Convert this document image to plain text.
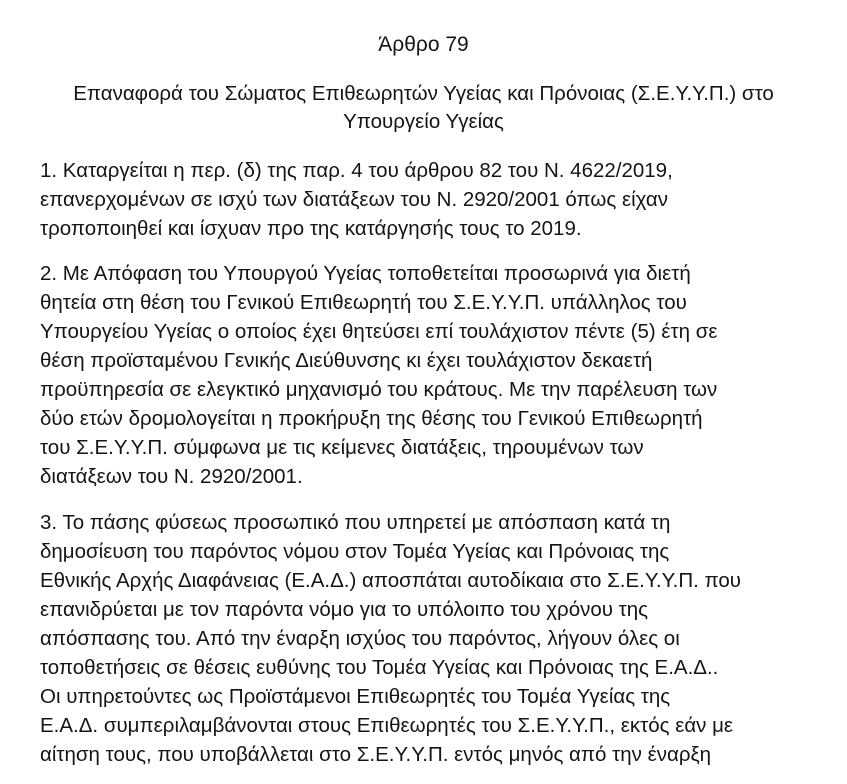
Άρθρο 79
Επαναφορά του Σώματος Επιθεωρητών Υγείας και Πρόνοιας (Σ.Ε.Υ.Υ.Π.) στο
Υπουργείο Υγείας

1. Καταργείται η περ. (δ) της παρ. 4 του άρθρου 82 του Ν. 4622/2019,
επανερχομένων σε ισχύ των διατάξεων του Ν. 2920/2001 όπως είχαν
τροποποιηθεί και ίσχυαν προ της κατάργησής τους το 2019.

2. Με Απόφαση του Υπουργού Υγείας τοποθετείται προσωρινά για διετή
θητεία στη θέση του Γενικού Επιθεωρητή του Σ.Ε.Υ.Υ.Π. υπάλληλος του
Υπουργείου Υγείας ο οποίος έχει θητεύσει επί τουλάχιστον πέντε (5) έτη σε
θέση προϊσταμένου Γενικής Διεύθυνσης κι έχει τουλάχιστον δεκαετή
προϋπηρεσία σε ελεγκτικό μηχανισμό του κράτους. Με την παρέλευση των
δύο ετών δρομολογείται η προκήρυξη της θέσης του Γενικού Επιθεωρητή
του Σ.Ε.Υ.Υ.Π. σύμφωνα με τις κείμενες διατάξεις, τηρουμένων των
διατάξεων του Ν. 2920/2001.

3. Το πάσης φύσεως προσωπικό που υπηρετεί με απόσπαση κατά τη
δημοσίευση του παρόντος νόμου στον Τομέα Υγείας και Πρόνοιας της
Εθνικής Αρχής Διαφάνειας (Ε.Α.Δ.) αποσπάται αυτοδίκαια στο Σ.Ε.Υ.Υ.Π. που
επανιδρύεται με τον παρόντα νόμο για το υπόλοιπο του χρόνου της
απόσπασης του. Από την έναρξη ισχύος του παρόντος, λήγουν όλες οι
τοποθετήσεις σε θέσεις ευθύνης του Τομέα Υγείας και Πρόνοιας της Ε.Α.Δ..
Οι υπηρετούντες ως Προϊστάμενοι Επιθεωρητές του Τομέα Υγείας της
Ε.Α.Δ. συμπεριλαμβάνονται στους Επιθεωρητές του Σ.Ε.Υ.Υ.Π., εκτός εάν με
αίτηση τους, που υποβάλλεται στο Σ.Ε.Υ.Υ.Π. εντός μηνός από την έναρξη
